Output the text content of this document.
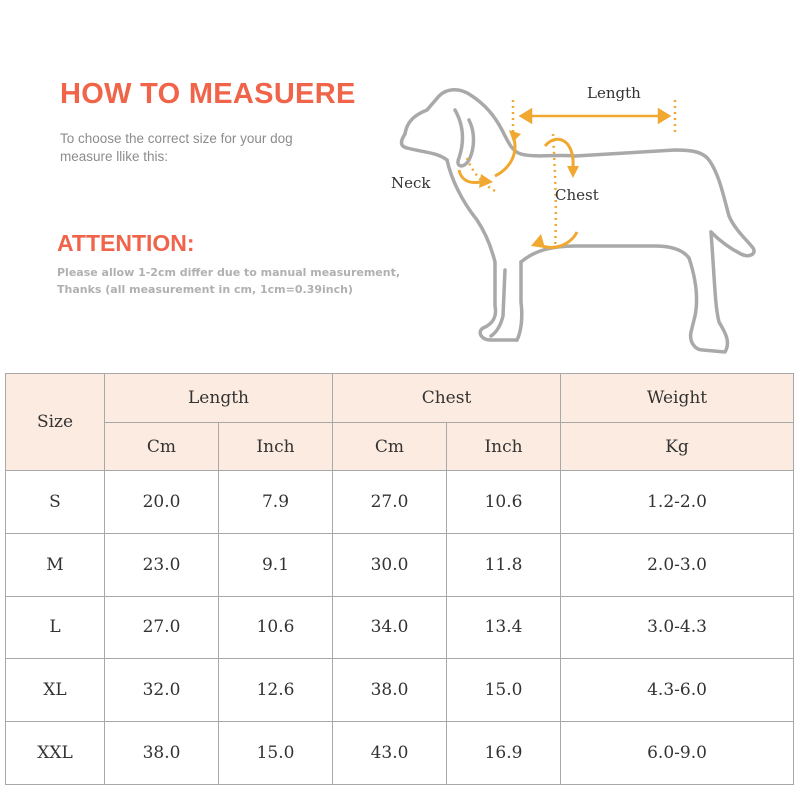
HOW TO MEASUERE
To choose the correct size for your dog
measure llike this:
ATTENTION:
Please allow 1-2cm differ due to manual measurement,
Thanks (all measurement in cm, 1cm=0.39inch)
Length
Neck
Chest
Size	Length		Chest		Weight
	Cm	Inch	Cm	Inch	Kg
S	20.0	7.9	27.0	10.6	1.2-2.0
M	23.0	9.1	30.0	11.8	2.0-3.0
L	27.0	10.6	34.0	13.4	3.0-4.3
XL	32.0	12.6	38.0	15.0	4.3-6.0
XXL	38.0	15.0	43.0	16.9	6.0-9.0
